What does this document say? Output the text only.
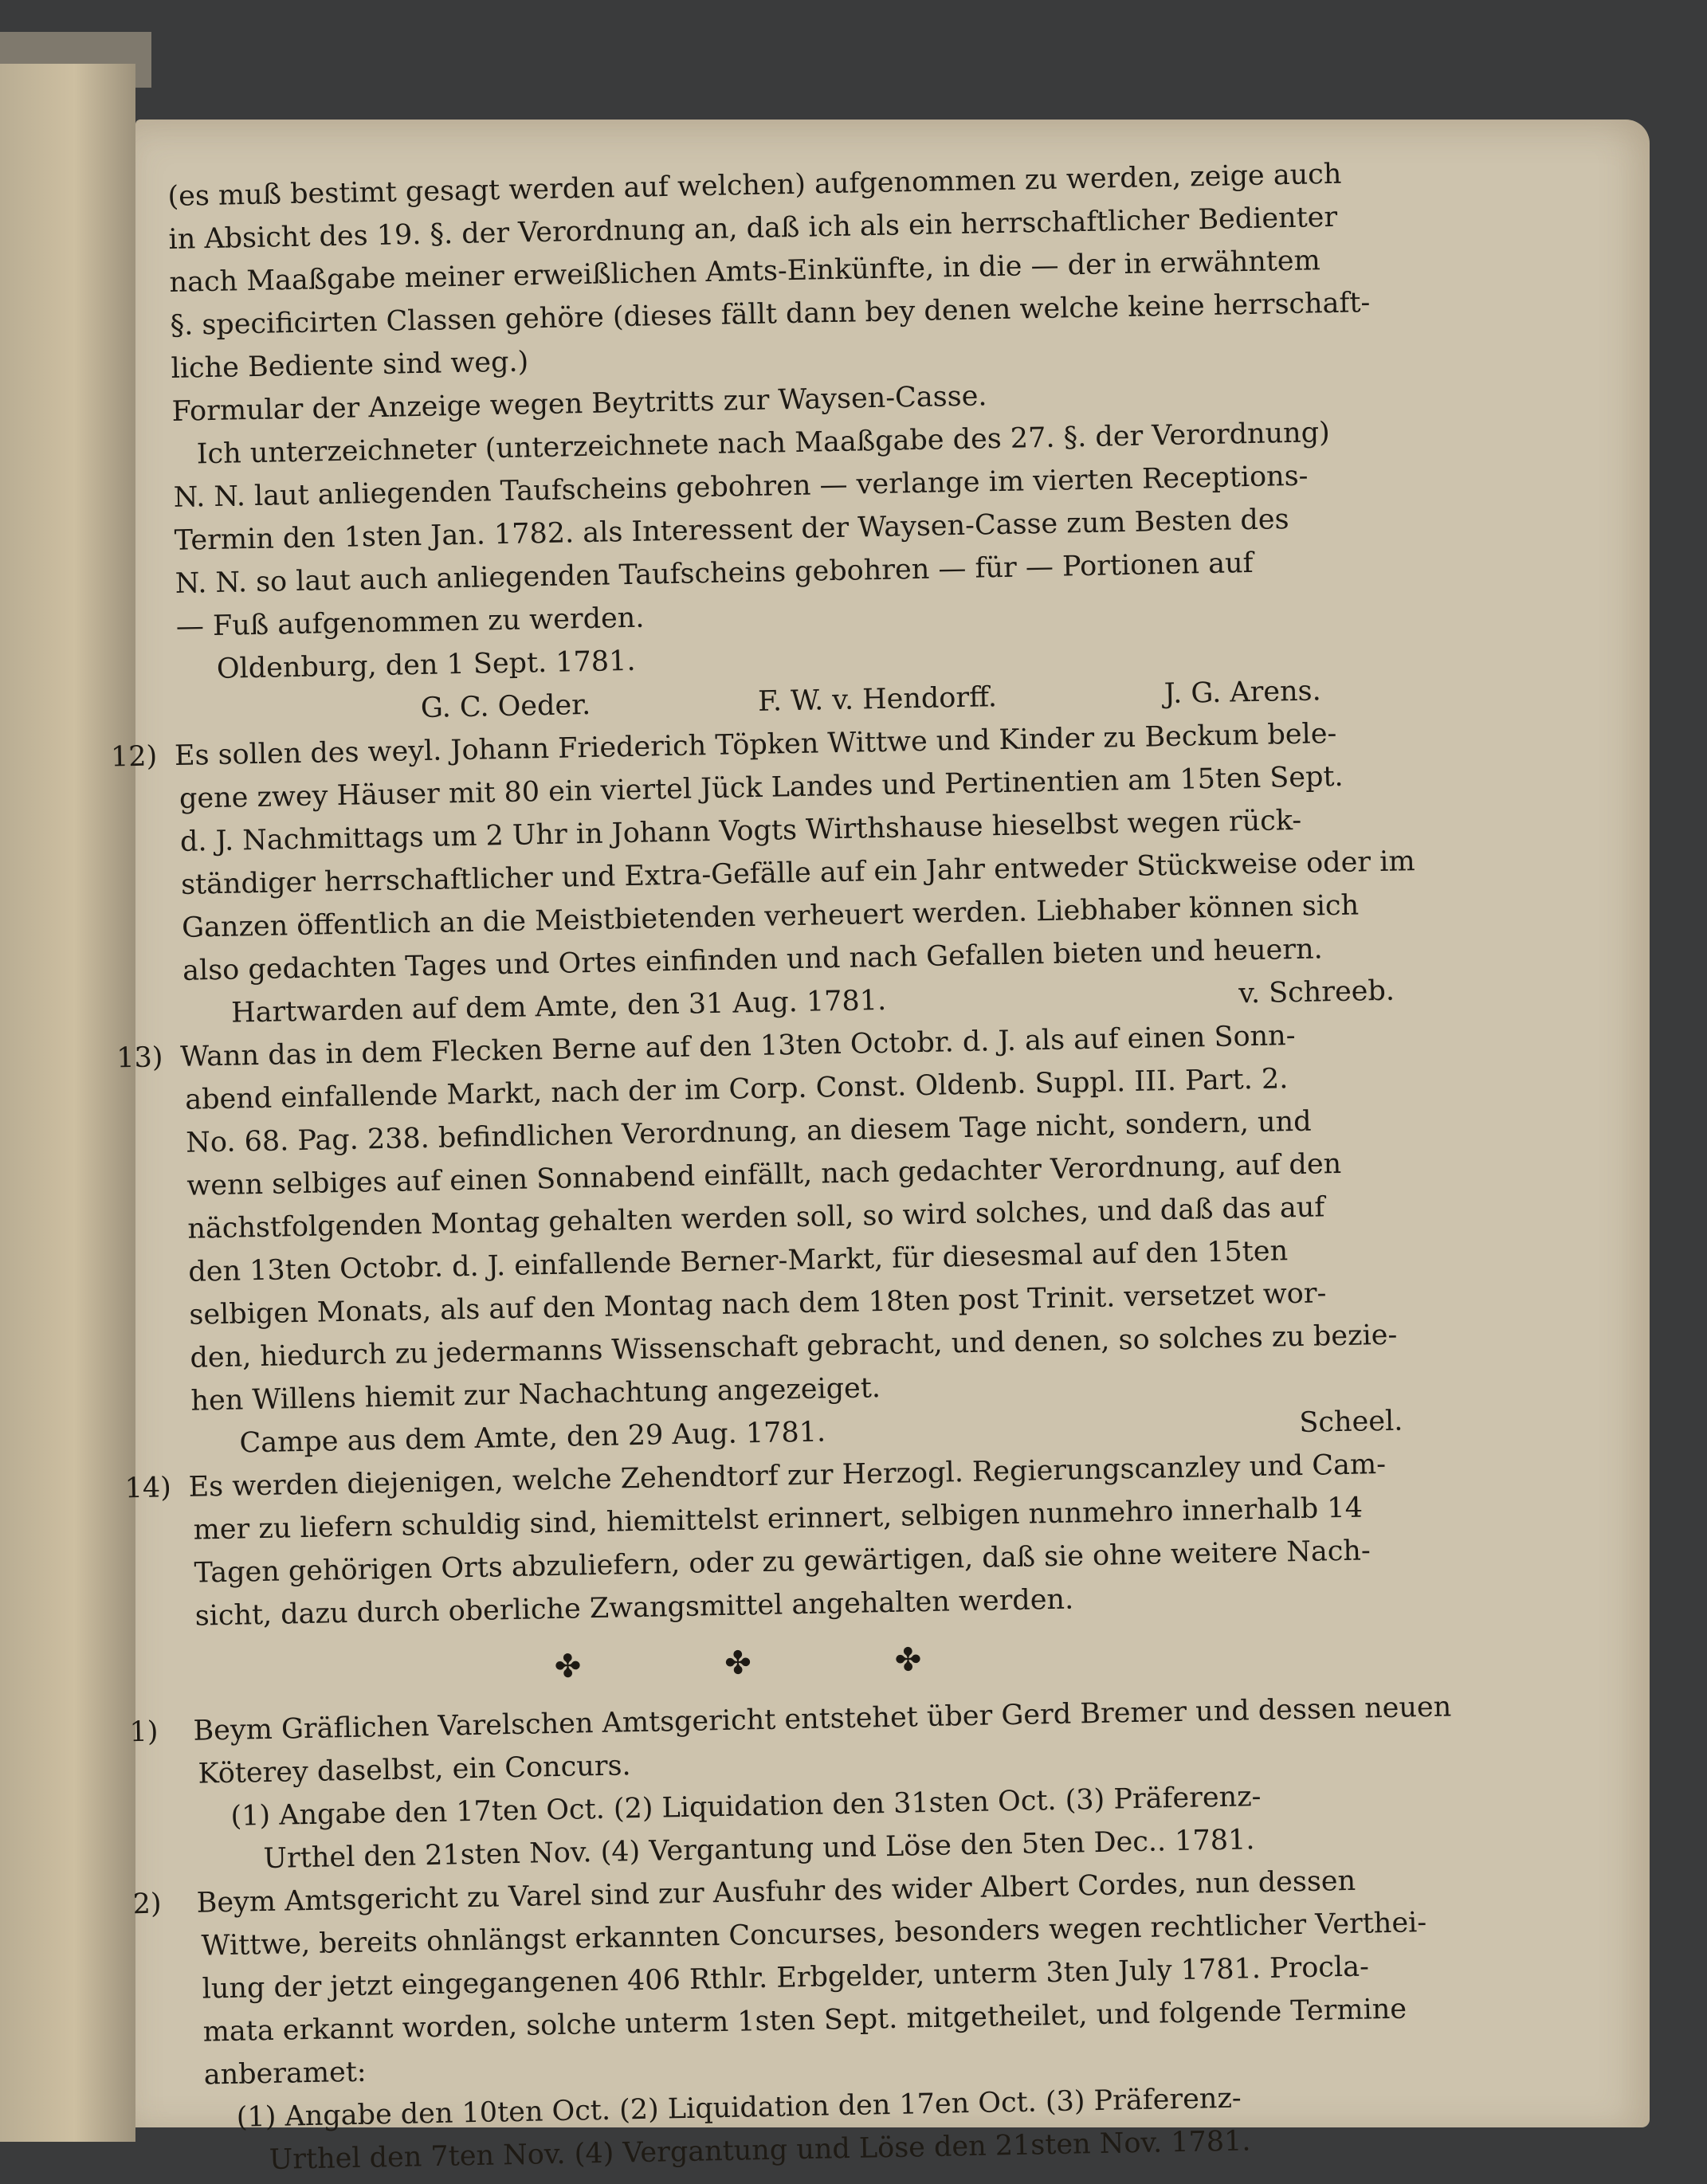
(es muß bestimt gesagt werden auf welchen) aufgenommen zu werden, zeige auch
in Absicht des 19. §. der Verordnung an, daß ich als ein herrschaftlicher Bedienter
nach Maaßgabe meiner erweißlichen Amts-Einkünfte, in die — der in erwähntem
§. specificirten Classen gehöre (dieses fällt dann bey denen welche keine herrschaft-
liche Bediente sind weg.)
Formular der Anzeige wegen Beytritts zur Waysen-Casse.
Ich unterzeichneter (unterzeichnete nach Maaßgabe des 27. §. der Verordnung)
N. N. laut anliegenden Taufscheins gebohren — verlange im vierten Receptions-
Termin den 1sten Jan. 1782. als Interessent der Waysen-Casse zum Besten des
N. N. so laut auch anliegenden Taufscheins gebohren — für — Portionen auf
— Fuß aufgenommen zu werden.
Oldenburg, den 1 Sept. 1781.
G. C. Oeder.	F. W. v. Hendorff.	J. G. Arens.
12) Es sollen des weyl. Johann Friederich Töpken Wittwe und Kinder zu Beckum bele-
gene zwey Häuser mit 80 ein viertel Jück Landes und Pertinentien am 15ten Sept.
d. J. Nachmittags um 2 Uhr in Johann Vogts Wirthshause hieselbst wegen rück-
ständiger herrschaftlicher und Extra-Gefälle auf ein Jahr entweder Stückweise oder im
Ganzen öffentlich an die Meistbietenden verheuert werden. Liebhaber können sich
also gedachten Tages und Ortes einfinden und nach Gefallen bieten und heuern.
Hartwarden auf dem Amte, den 31 Aug. 1781.	v. Schreeb.
13) Wann das in dem Flecken Berne auf den 13ten Octobr. d. J. als auf einen Sonn-
abend einfallende Markt, nach der im Corp. Const. Oldenb. Suppl. III. Part. 2.
No. 68. Pag. 238. befindlichen Verordnung, an diesem Tage nicht, sondern, und
wenn selbiges auf einen Sonnabend einfällt, nach gedachter Verordnung, auf den
nächstfolgenden Montag gehalten werden soll, so wird solches, und daß das auf
den 13ten Octobr. d. J. einfallende Berner-Markt, für diesesmal auf den 15ten
selbigen Monats, als auf den Montag nach dem 18ten post Trinit. versetzet wor-
den, hiedurch zu jedermanns Wissenschaft gebracht, und denen, so solches zu bezie-
hen Willens hiemit zur Nachachtung angezeiget.
Campe aus dem Amte, den 29 Aug. 1781.	Scheel.
14) Es werden diejenigen, welche Zehendtorf zur Herzogl. Regierungscanzley und Cam-
mer zu liefern schuldig sind, hiemittelst erinnert, selbigen nunmehro innerhalb 14
Tagen gehörigen Orts abzuliefern, oder zu gewärtigen, daß sie ohne weitere Nach-
sicht, dazu durch oberliche Zwangsmittel angehalten werden.
✤✤✤
1) Beym Gräflichen Varelschen Amtsgericht entstehet über Gerd Bremer und dessen neuen
Köterey daselbst, ein Concurs.
(1) Angabe den 17ten Oct. (2) Liquidation den 31sten Oct. (3) Präferenz-
Urthel den 21sten Nov. (4) Vergantung und Löse den 5ten Dec.. 1781.
2) Beym Amtsgericht zu Varel sind zur Ausfuhr des wider Albert Cordes, nun dessen
Wittwe, bereits ohnlängst erkannten Concurses, besonders wegen rechtlicher Verthei-
lung der jetzt eingegangenen 406 Rthlr. Erbgelder, unterm 3ten July 1781. Procla-
mata erkannt worden, solche unterm 1sten Sept. mitgetheilet, und folgende Termine
anberamet:
(1) Angabe den 10ten Oct. (2) Liquidation den 17en Oct. (3) Präferenz-
Urthel den 7ten Nov. (4) Vergantung und Löse den 21sten Nov. 1781.
